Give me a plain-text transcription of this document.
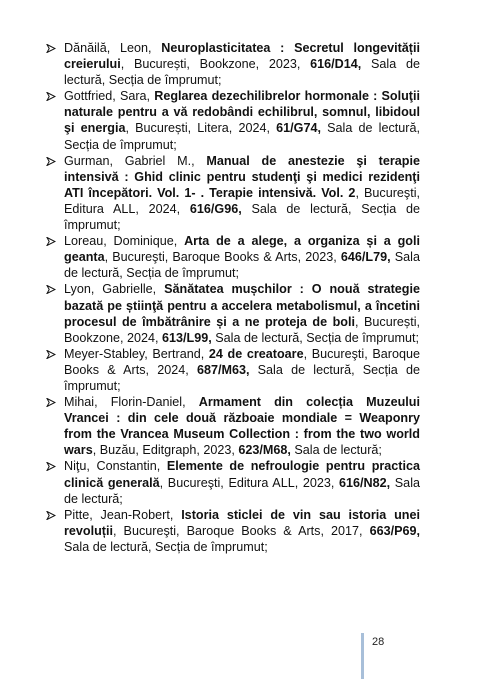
Dănăilă, Leon, Neuroplasticitatea : Secretul longevității creierului, București, Bookzone, 2023, 616/D14, Sala de lectură, Secția de împrumut;
Gottfried, Sara, Reglarea dezechilibrelor hormonale : Soluţii naturale pentru a vă redobândi echilibrul, somnul, libidoul şi energia, București, Litera, 2024, 61/G74, Sala de lectură, Secția de împrumut;
Gurman, Gabriel M., Manual de anestezie şi terapie intensivă : Ghid clinic pentru studenţi şi medici rezidenţi ATI începători. Vol. 1- . Terapie intensivă. Vol. 2, Bucureşti, Editura ALL, 2024, 616/G96, Sala de lectură, Secția de împrumut;
Loreau, Dominique, Arta de a alege, a organiza și a goli geanta, Bucureşti, Baroque Books & Arts, 2023, 646/L79, Sala de lectură, Secția de împrumut;
Lyon, Gabrielle, Sănătatea mușchilor : O nouă strategie bazată pe știinţă pentru a accelera metabolismul, a încetini procesul de îmbătrânire și a ne proteja de boli, București, Bookzone, 2024, 613/L99, Sala de lectură, Secția de împrumut;
Meyer-Stabley, Bertrand, 24 de creatoare, Bucureşti, Baroque Books & Arts, 2024, 687/M63, Sala de lectură, Secția de împrumut;
Mihai, Florin-Daniel, Armament din colecția Muzeului Vrancei : din cele două războaie mondiale = Weaponry from the Vrancea Museum Collection : from the two world wars, Buzău, Editgraph, 2023, 623/M68, Sala de lectură;
Niţu, Constantin, Elemente de nefroulogie pentru practica clinică generală, Bucureşti, Editura ALL, 2023, 616/N82, Sala de lectură;
Pitte, Jean-Robert, Istoria sticlei de vin sau istoria unei revoluții, Bucureşti, Baroque Books & Arts, 2017, 663/P69, Sala de lectură, Secția de împrumut;
28
